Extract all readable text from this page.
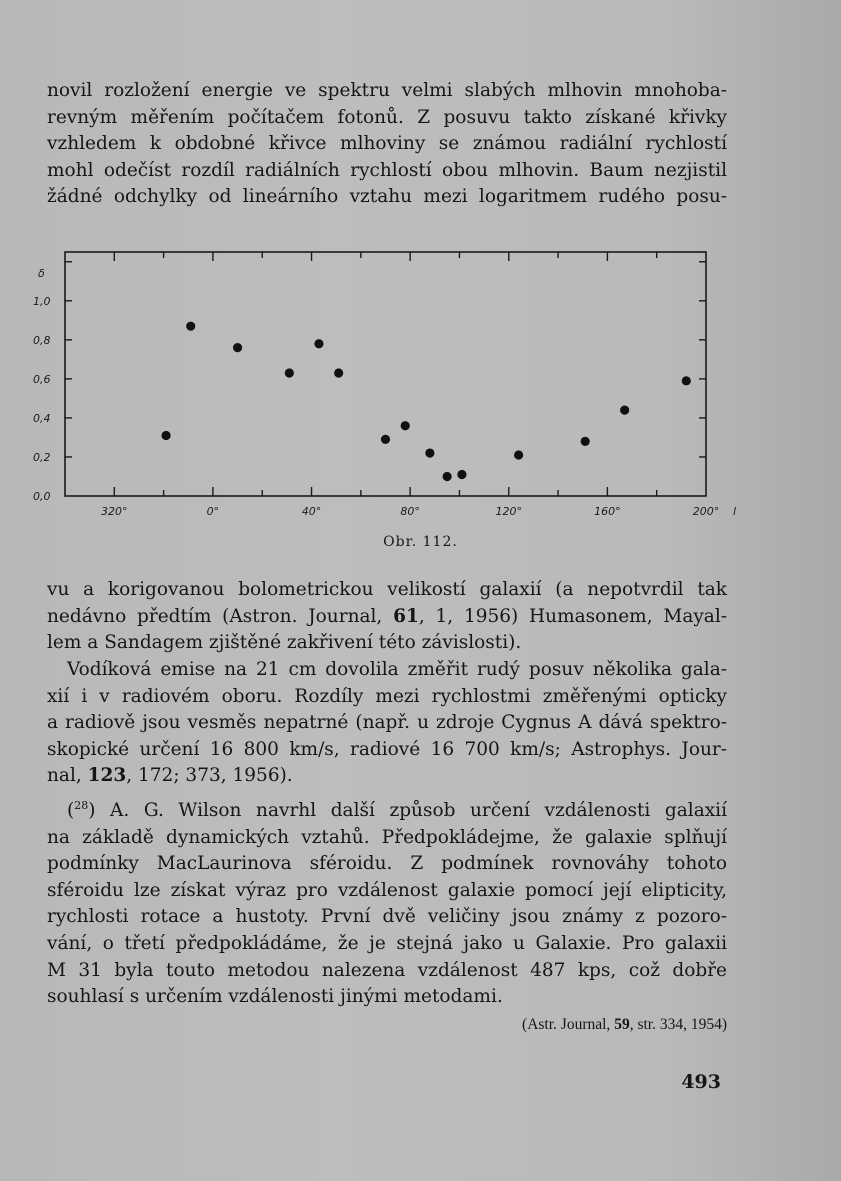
novil rozložení energie ve spektru velmi slabých mlhovin mnohoba-
revným měřením počítačem fotonů. Z posuvu takto získané křivky
vzhledem k obdobné křivce mlhoviny se známou radiální rychlostí
mohl odečíst rozdíl radiálních rychlostí obou mlhovin. Baum nezjistil
žádné odchylky od lineárního vztahu mezi logaritmem rudého posu-
320°	0°	40°	80°	120°	160°	200°
0,0
0,2
0,4
0,6
0,8
1,0
δ
l
Obr. 112.
vu a korigovanou bolometrickou velikostí galaxií (a nepotvrdil tak
nedávno předtím (Astron. Journal, 61, 1, 1956) Humasonem, Mayal-
lem a Sandagem zjištěné zakřivení této závislosti).
Vodíková emise na 21 cm dovolila změřit rudý posuv několika gala-
xií i v radiovém oboru. Rozdíly mezi rychlostmi změřenými opticky
a radiově jsou vesměs nepatrné (např. u zdroje Cygnus A dává spektro-
skopické určení 16 800 km/s, radiové 16 700 km/s; Astrophys. Jour-
nal, 123, 172; 373, 1956).
($^{28}$) A. G. Wilson navrhl další způsob určení vzdálenosti galaxií
na základě dynamických vztahů. Předpokládejme, že galaxie splňují
podmínky MacLaurinova sféroidu. Z podmínek rovnováhy tohoto
sféroidu lze získat výraz pro vzdálenost galaxie pomocí její elipticity,
rychlosti rotace a hustoty. První dvě veličiny jsou známy z pozoro-
vání, o třetí předpokládáme, že je stejná jako u Galaxie. Pro galaxii
M 31 byla touto metodou nalezena vzdálenost 487 kps, což dobře
souhlasí s určením vzdálenosti jinými metodami.
(Astr. Journal, 59, str. 334, 1954)
493
